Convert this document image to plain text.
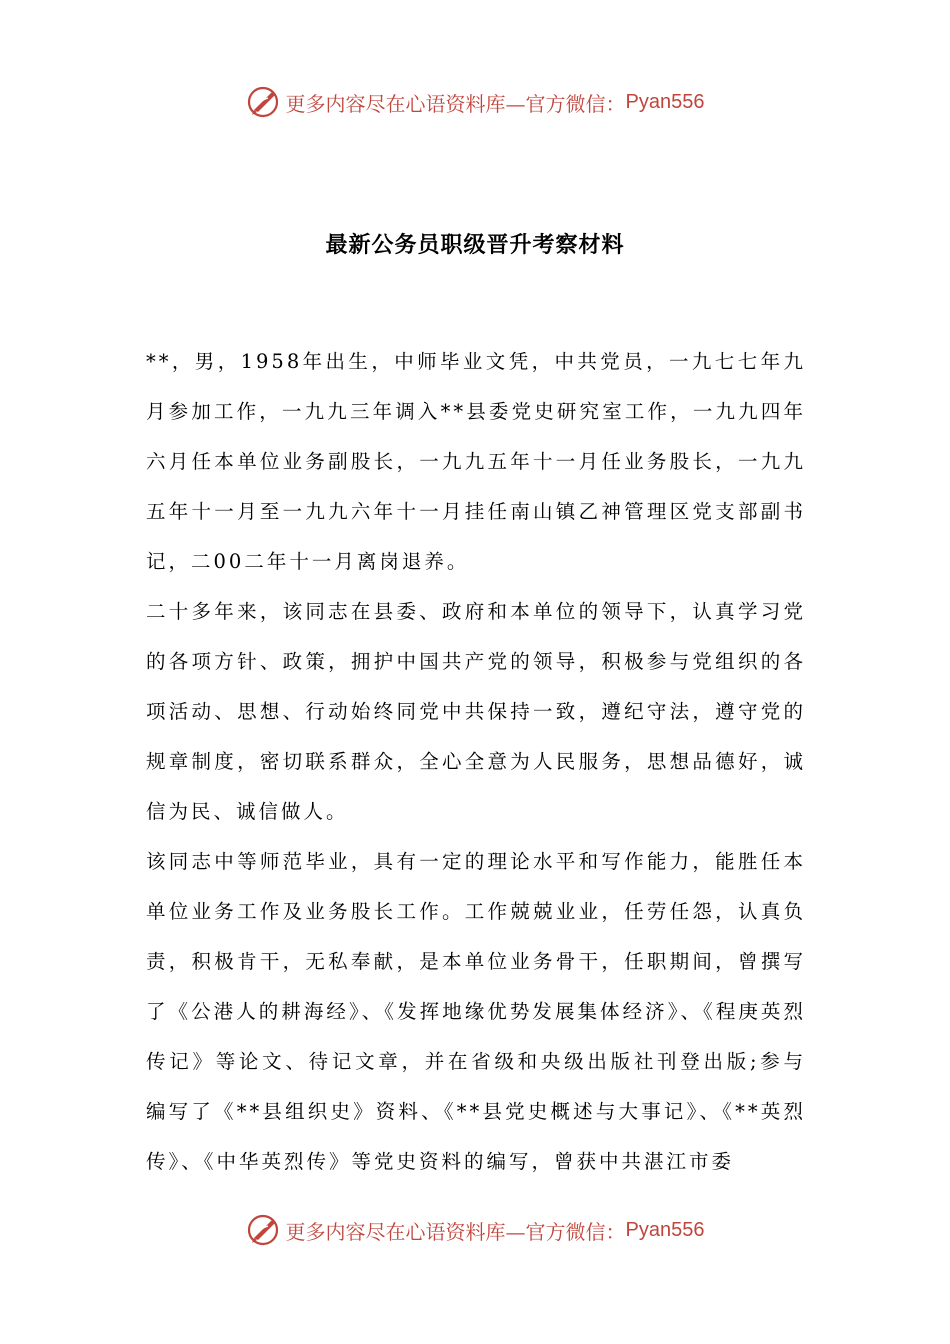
更多内容尽在心语资料库— 官方微信： Pyan556
最新公务员职级晋升考察材料

**，男，1958年出生，中师毕业文凭，中共党员，一九七七年九月参加工作，一九九三年调入**县委党史研究室工作，一九九四年六月任本单位业务副股长，一九九五年十一月任业务股长，一九九五年十一月至一九九六年十一月挂任南山镇乙神管理区党支部副书记，二00二年十一月离岗退养。

二十多年来，该同志在县委、政府和本单位的领导下，认真学习党的各项方针、政策，拥护中国共产党的领导，积极参与党组织的各项活动、思想、行动始终同党中共保持一致，遵纪守法，遵守党的规章制度，密切联系群众，全心全意为人民服务，思想品德好，诚信为民、诚信做人。

该同志中等师范毕业，具有一定的理论水平和写作能力，能胜任本单位业务工作及业务股长工作。工作兢兢业业，任劳任怨，认真负责，积极肯干，无私奉献，是本单位业务骨干，任职期间，曾撰写了《公港人的耕海经》、《发挥地缘优势发展集体经济》、《程庚英烈传记》等论文、待记文章，并在省级和央级出版社刊登出版;参与编写了《**县组织史》资料、《**县党史概述与大事记》、《**英烈传》、《中华英烈传》等党史资料的编写，曾获中共湛江市委

更多内容尽在心语资料库— 官方微信： Pyan556
